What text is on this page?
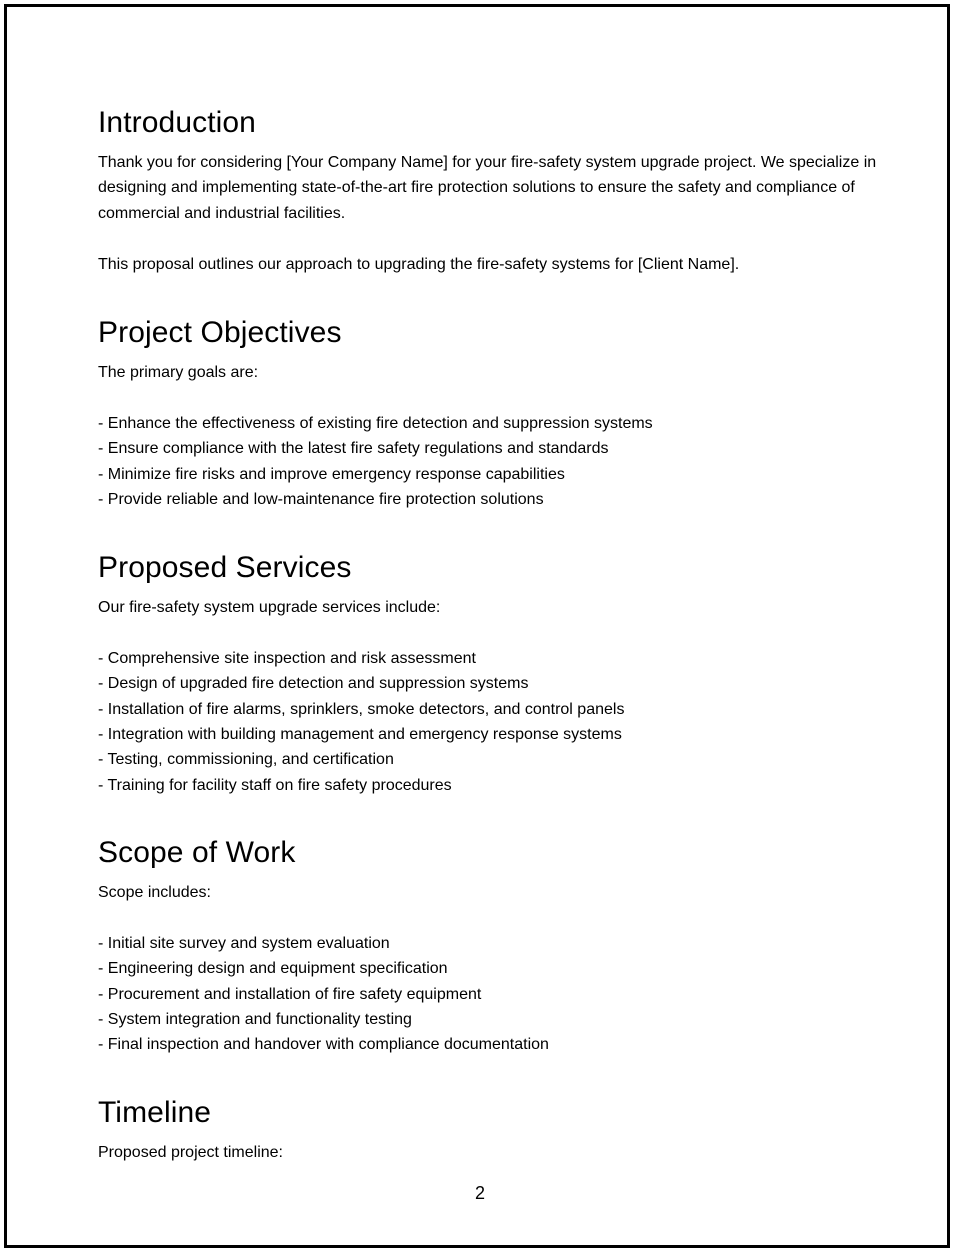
Introduction

Thank you for considering [Your Company Name] for your fire-safety system upgrade project. We specialize in designing and implementing state-of-the-art fire protection solutions to ensure the safety and compliance of commercial and industrial facilities.

This proposal outlines our approach to upgrading the fire-safety systems for [Client Name].

Project Objectives

The primary goals are:

- Enhance the effectiveness of existing fire detection and suppression systems
- Ensure compliance with the latest fire safety regulations and standards
- Minimize fire risks and improve emergency response capabilities
- Provide reliable and low-maintenance fire protection solutions
Proposed Services

Our fire-safety system upgrade services include:

- Comprehensive site inspection and risk assessment
- Design of upgraded fire detection and suppression systems
- Installation of fire alarms, sprinklers, smoke detectors, and control panels
- Integration with building management and emergency response systems
- Testing, commissioning, and certification
- Training for facility staff on fire safety procedures
Scope of Work

Scope includes:

- Initial site survey and system evaluation
- Engineering design and equipment specification
- Procurement and installation of fire safety equipment
- System integration and functionality testing
- Final inspection and handover with compliance documentation
Timeline

Proposed project timeline:

2
